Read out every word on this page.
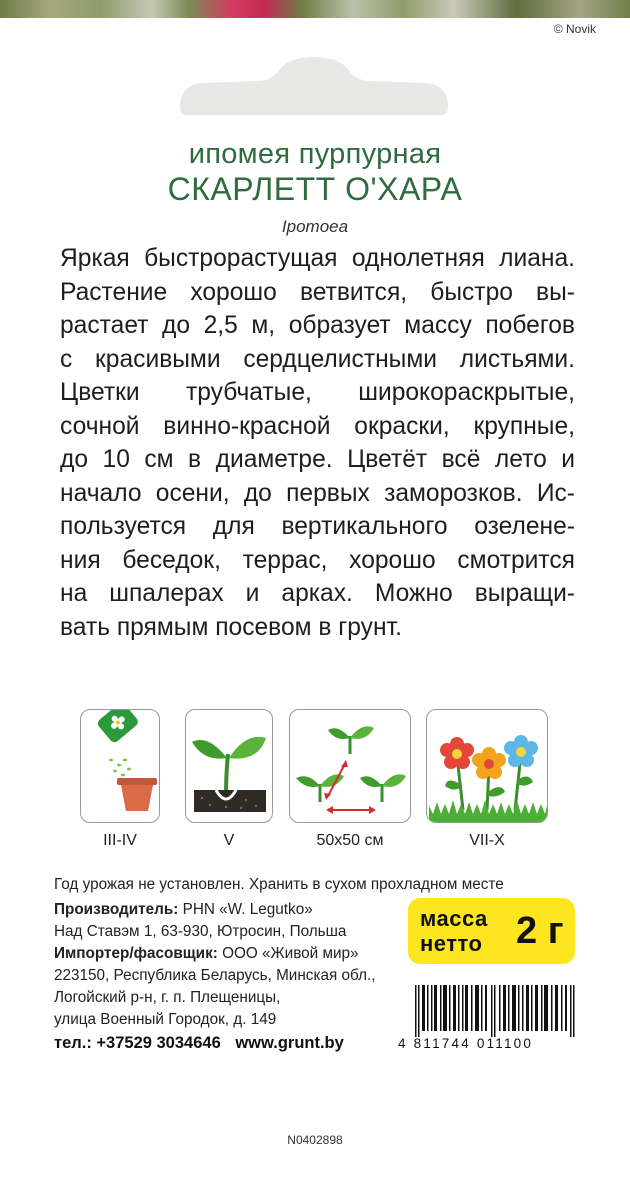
© Novik
ипомея пурпурная
СКАРЛЕТТ О'ХАРА
Ipomoea
Яркая быстрорастущая однолетняя лиана.
Растение хорошо ветвится, быстро вы-
растает до 2,5 м, образует массу побегов
с красивыми сердцелистными листьями.
Цветки трубчатые, широкораскрытые,
сочной винно-красной окраски, крупные,
до 10 см в диаметре. Цветёт всё лето и
начало осени, до первых заморозков. Ис-
пользуется для вертикального озелене-
ния беседок, террас, хорошо смотрится
на шпалерах и арках. Можно выращи-
вать прямым посевом в грунт.
III-IV	V	50х50 см	VII-X
Год урожая не установлен. Хранить в сухом прохладном месте
Производитель: PHN «W. Legutko»
Над Ставэм 1, 63-930, Ютросин, Польша
Импортер/фасовщик: ООО «Живой мир»
223150, Республика Беларусь, Минская обл.,
Логойский р-н, г. п. Плещеницы,
улица Военный Городок, д. 149
тел.: +37529 3034646 www.grunt.by
масса
нетто 2 г
4 811744 011100
N0402898
